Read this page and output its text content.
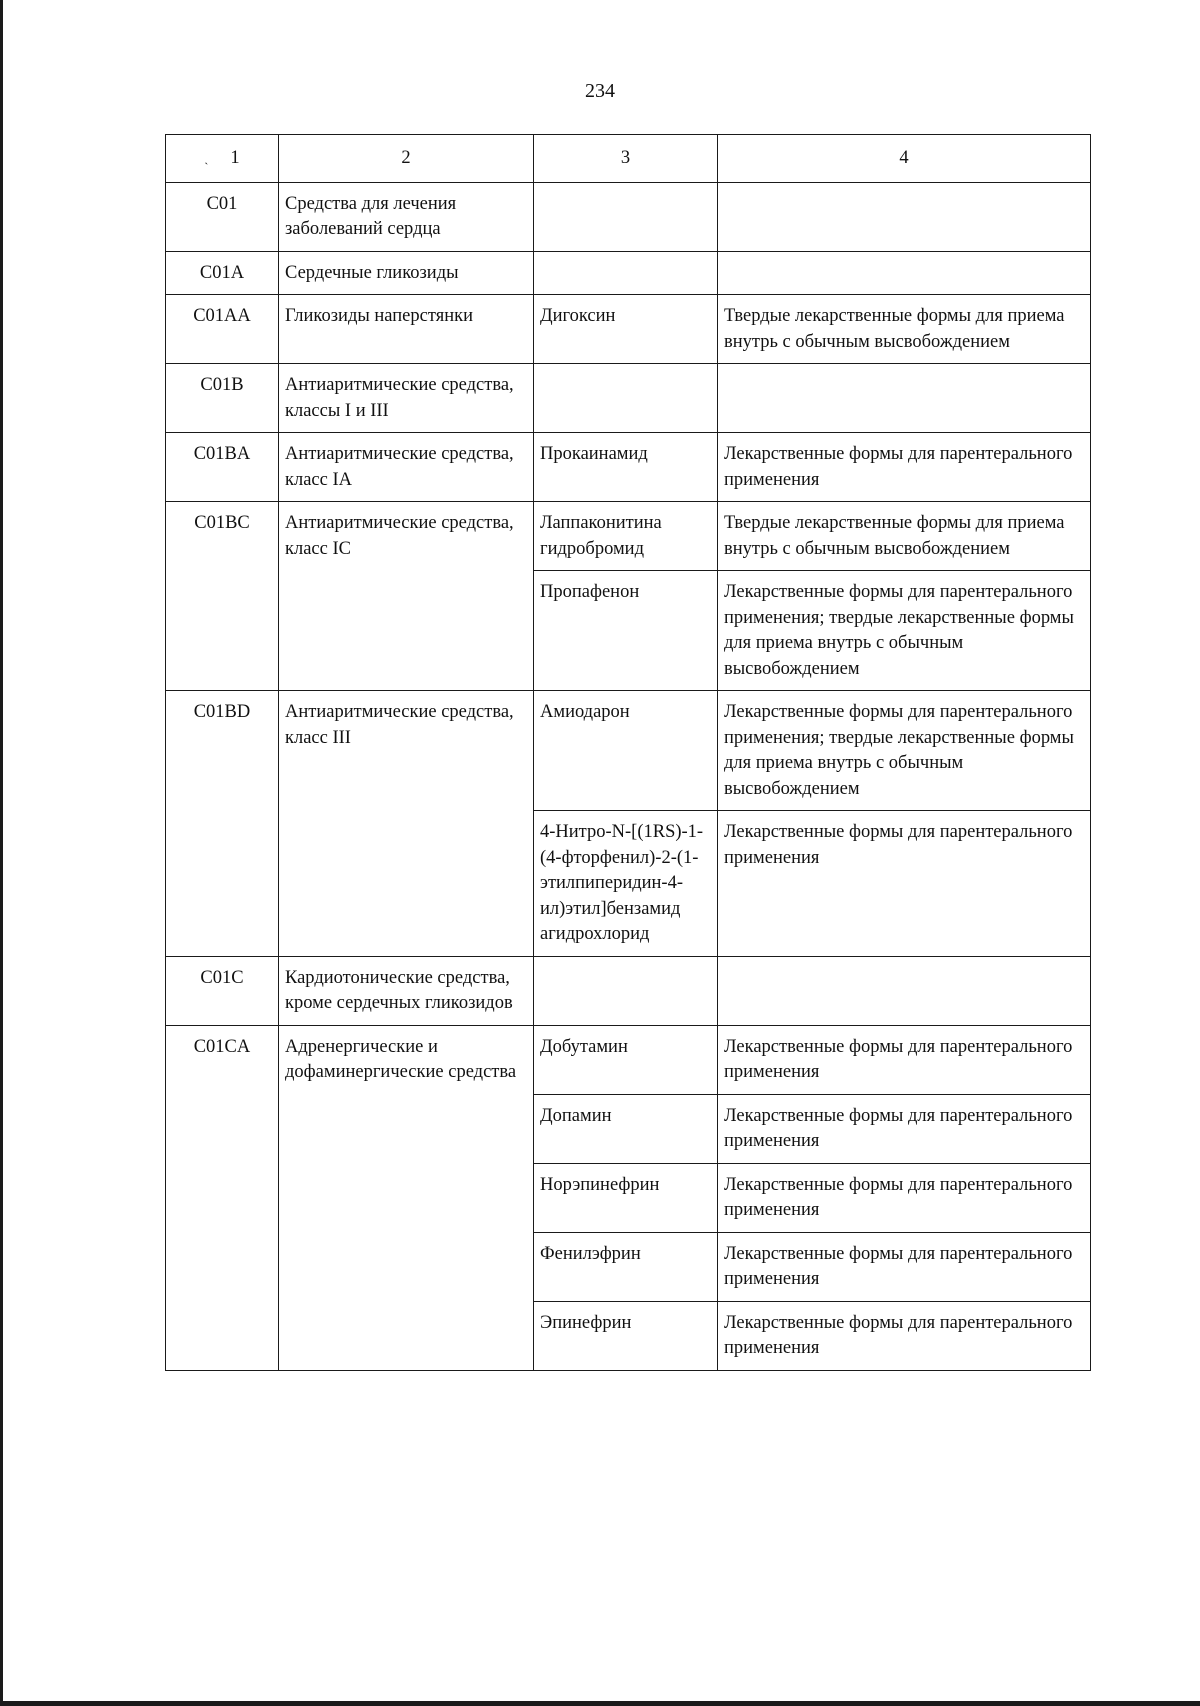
234
ˎ 1	2	3	4
C01	Средства для лечения заболеваний сердца		
C01A	Сердечные гликозиды		
C01AA	Гликозиды наперстянки	Дигоксин	Твердые лекарственные формы для приема внутрь с обычным высвобождением
C01B	Антиаритмические средства, классы I и III		
C01BA	Антиаритмические средства, класс IA	Прокаинамид	Лекарственные формы для парентерального применения
C01BC	Антиаритмические средства, класс IC	Лаппаконитина гидробромид	Твердые лекарственные формы для приема внутрь с обычным высвобождением
		Пропафенон	Лекарственные формы для парентерального применения; твердые лекарственные формы для приема внутрь с обычным высвобождением
C01BD	Антиаритмические средства, класс III	Амиодарон	Лекарственные формы для парентерального применения; твердые лекарственные формы для приема внутрь с обычным высвобождением
		4-Нитро-N-[(1RS)-1-(4-фторфенил)-2-(1-этилпиперидин-4-ил)этил]бензамид агидрохлорид	Лекарственные формы для парентерального применения
C01C	Кардиотонические средства, кроме сердечных гликозидов		
C01CA	Адренергические и дофаминергические средства	Добутамин	Лекарственные формы для парентерального применения
		Допамин	Лекарственные формы для парентерального применения
		Норэпинефрин	Лекарственные формы для парентерального применения
		Фенилэфрин	Лекарственные формы для парентерального применения
		Эпинефрин	Лекарственные формы для парентерального применения
